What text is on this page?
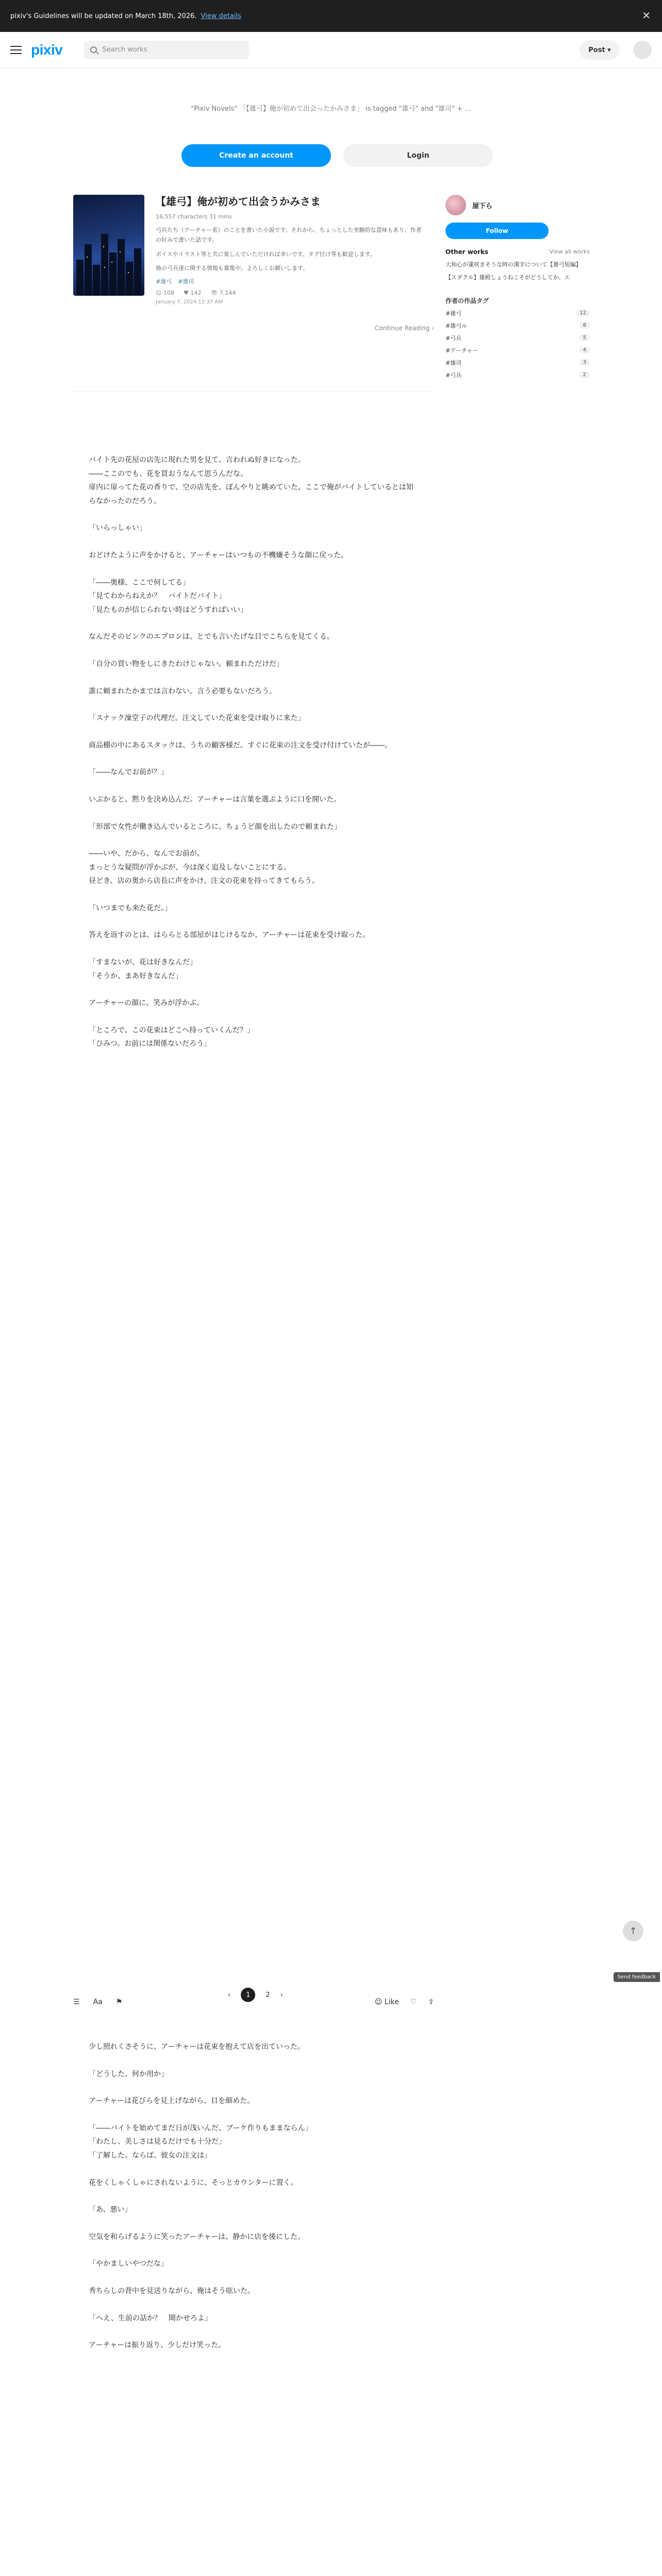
pixiv's Guidelines will be updated on March 18th, 2026. View details	✕
pixiv	Search works	Post ▾
"Pixiv Novels" 「【雄弓】俺が初めて出会ったかみさま」 is tagged "雄弓" and "雄司" + ...
Create an account	Login
【雄弓】俺が初めて出会うかみさま
16,557 characters 31 mins

弓兵たち（アーチャー系）のことを書いた小説です。それから、ちょっとした実験的な意味もあり、作者の好みで書いた話です。

ボイスやイラスト等と共に楽しんでいただければ幸いです。タグ付け等も歓迎します。

他の弓兵達に関する情報も募集中。よろしくお願いします。

#雄弓 #雄司
☺ 108 ♥ 142 👁 7,144
January 7, 2024 12:37 AM
Continue Reading ›
屋下ら
Follow
Other works	View all works
大和心が蓮咲きそうな時の漢字について【雄弓短編】
【スダクル】雄殿しょうねこそがどうしてか、エ
作者の作品タグ
#雄弓	12
#雄弓ル	8
#弓兵	5
#アーチャー	4
#雄司	3
#弓兵	2

バイト先の花屋の店先に現れた男を見て、言われぬ好きになった。

――ここのでも、花を買おうなんて思うんだな。

扉内に扉ってた花の香りで、空の店先を、ぼんやりと眺めていた。ここで俺がバイトしているとは知らなかったのだろう。

「いらっしゃい」

おどけたように声をかけると、アーチャーはいつもの不機嫌そうな顔に戻った。

「――奥様、ここで何してる」

「見てわからねえか？　バイトだバイト」

「見たものが信じられない時はどうすればいい」

なんだそのビンクのエプロンは、とでも言いたげな目でこちらを見てくる。

「自分の買い物をしにきたわけじゃない。頼まれただけだ」

誰に頼まれたかまでは言わない。言う必要もないだろう。

「スナック凜堂子の代理だ。注文していた花束を受け取りに来た」

商品棚の中にあるスタックは、うちの顧客様だ。すぐに花束の注文を受け付けていたが――。

「――なんでお前が？」

いぶかると、黙りを決め込んだ。アーチャーは言葉を選ぶように口を開いた。

「形部で女性が働き込んでいるところに、ちょうど顔を出したので頼まれた」

――いや、だから、なんでお前が。

まっとうな疑問が浮かぶが、今は深く追及しないことにする。

昼どき、店の奥から店長に声をかけ、注文の花束を持ってきてもらう。

「いつまでも来た花だ。」

答えを返すのとは、はららとる部屋がはじけるなか、アーチャーは花束を受け取った。

「すまないが、花は好きなんだ」

「そうか、まあ好きなんだ」

アーチャーの顔に、笑みが浮かぶ。

「ところで、この花束はどこへ持っていくんだ？」

「ひみつ。お前には関係ないだろう」

↑
Send feedback
☰ Aa ⚑	☺ Like ♡ ⇪
‹	1	2 ›

少し照れくさそうに、アーチャーは花束を抱えて店を出ていった。

「どうした、何か用か」

アーチャーは花びらを見上げながら、目を細めた。

「――バイトを始めてまだ日が浅いんだ、ブーケ作りもままならん」

「わたし、美しさは見るだけでも十分だ」

「了解した。ならば、彼女の注文は」

花をくしゃくしゃにされないように、そっとカウンターに置く。

「あ、悪い」

空気を和らげるように笑ったアーチャーは、静かに店を後にした。

「やかましいやつだな」

秀ちらしの背中を見送りながら、俺はそう呟いた。

「へえ、生前の話か？　聞かせろよ」

アーチャーは振り返り、少しだけ笑った。
